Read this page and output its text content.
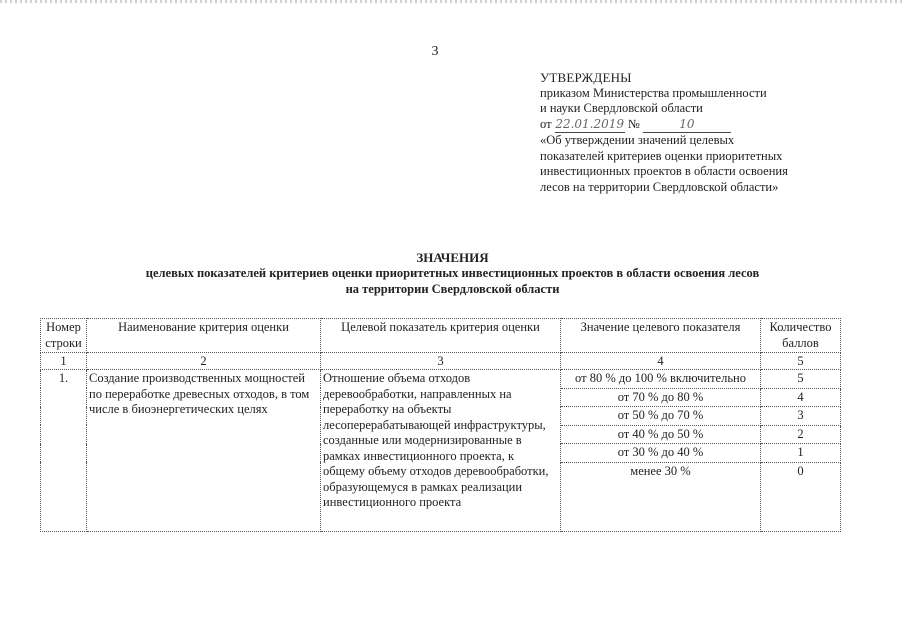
3
УТВЕРЖДЕНЫ
приказом Министерства промышленности
и науки Свердловской области
от 22.01.2019 №	10
«Об утверждении значений целевых
показателей критериев оценки приоритетных
инвестиционных проектов в области освоения
лесов на территории Свердловской области»
ЗНАЧЕНИЯ
целевых показателей критериев оценки приоритетных инвестиционных проектов в области освоения лесов
на территории Свердловской области
Номер строки	Наименование критерия оценки	Целевой показатель критерия оценки	Значение целевого показателя	Количество баллов
1	2	3	4	5
1.	Создание производственных мощностей по переработке древесных отходов, в том числе в биоэнергетических целях	Отношение объема отходов деревообработки, направленных на переработку на объекты лесоперерабатывающей инфраструктуры, созданные или модернизированные в рамках инвестиционного проекта, к общему объему отходов деревообработки, образующемуся в рамках реализации инвестиционного проекта	от 80 % до 100 % включительно	5
			от 70 % до 80 %	4
			от 50 % до 70 %	3
			от 40 % до 50 %	2
			от 30 % до 40 %	1
			менее 30 %	0
